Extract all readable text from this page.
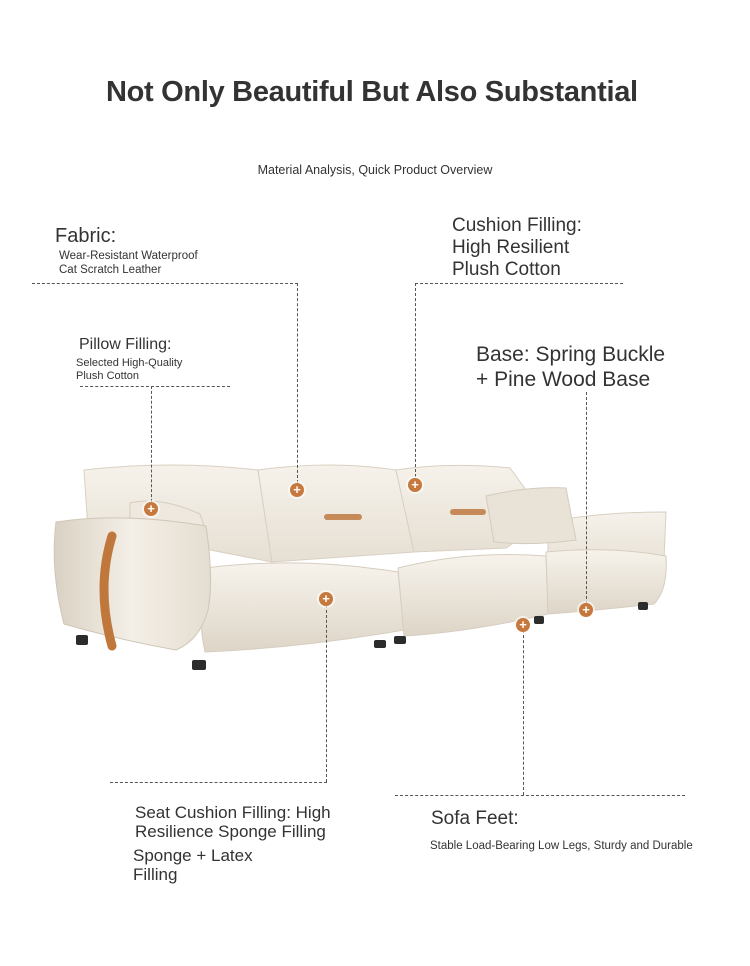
Not Only Beautiful But Also Substantial
Material Analysis, Quick Product Overview
+
+	+
+
+
+
Fabric:
Wear-Resistant Waterproof
Cat Scratch Leather
Cushion Filling:
High Resilient
Plush Cotton
Pillow Filling:
Selected High-Quality
Plush Cotton
Base: Spring Buckle
+ Pine Wood Base
Seat Cushion Filling: High
Resilience Sponge Filling
Sponge + Latex
Filling
Sofa Feet:
Stable Load-Bearing Low Legs, Sturdy and Durable
